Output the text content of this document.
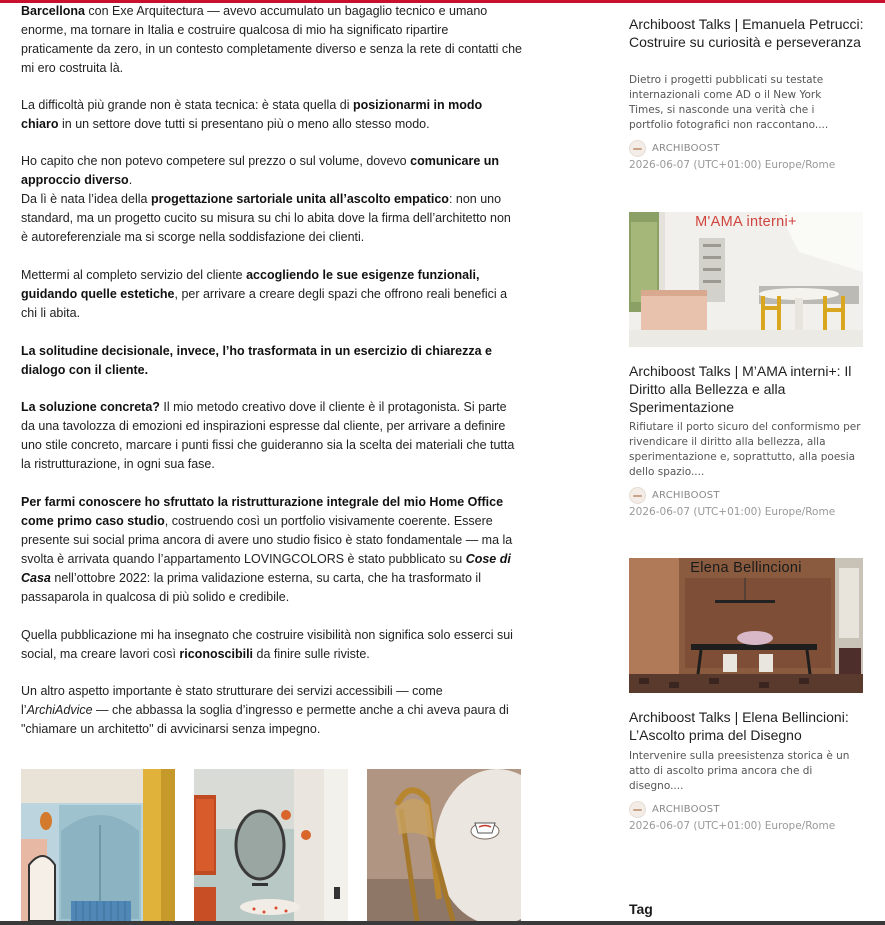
Barcellona con Exe Arquitectura — avevo accumulato un bagaglio tecnico e umano enorme, ma tornare in Italia e costruire qualcosa di mio ha significato ripartire praticamente da zero, in un contesto completamente diverso e senza la rete di contatti che mi ero costruita là.

La difficoltà più grande non è stata tecnica: è stata quella di posizionarmi in modo chiaro in un settore dove tutti si presentano più o meno allo stesso modo.

Ho capito che non potevo competere sul prezzo o sul volume, dovevo comunicare un approccio diverso.
Da lì è nata l’idea della progettazione sartoriale unita all’ascolto empatico: non uno standard, ma un progetto cucito su misura su chi lo abita dove la firma dell’architetto non è autoreferenziale ma si scorge nella soddisfazione dei clienti.

Mettermi al completo servizio del cliente accogliendo le sue esigenze funzionali, guidando quelle estetiche, per arrivare a creare degli spazi che offrono reali benefici a chi li abita.

La solitudine decisionale, invece, l’ho trasformata in un esercizio di chiarezza e dialogo con il cliente.

La soluzione concreta? Il mio metodo creativo dove il cliente è il protagonista. Si parte da una tavolozza di emozioni ed inspirazioni espresse dal cliente, per arrivare a definire uno stile concreto, marcare i punti fissi che guideranno sia la scelta dei materiali che tutta la ristrutturazione, in ogni sua fase.

Per farmi conoscere ho sfruttato la ristrutturazione integrale del mio Home Office come primo caso studio, costruendo così un portfolio visivamente coerente. Essere presente sui social prima ancora di avere uno studio fisico è stato fondamentale — ma la svolta è arrivata quando l’appartamento LOVINGCOLORS è stato pubblicato su Cose di Casa nell’ottobre 2022: la prima validazione esterna, su carta, che ha trasformato il passaparola in qualcosa di più solido e credibile.

Quella pubblicazione mi ha insegnato che costruire visibilità non significa solo esserci sui social, ma creare lavori così riconoscibili da finire sulle riviste.

Un altro aspetto importante è stato strutturare dei servizi accessibili — come l’ArchiAdvice — che abbassa la soglia d’ingresso e permette anche a chi aveva paura di "chiamare un architetto" di avvicinarsi senza impegno.

Archiboost Talks | Emanuela Petrucci: Costruire su curiosità e perseveranza

Dietro i progetti pubblicati su testate internazionali come AD o il New York Times, si nasconde una verità che i portfolio fotografici non raccontano....

ARCHIBOOST
2026-06-07 (UTC+01:00) Europe/Rome
M'AMA interni+

Archiboost Talks | M’AMA interni+: Il Diritto alla Bellezza e alla Sperimentazione

Rifiutare il porto sicuro del conformismo per rivendicare il diritto alla bellezza, alla sperimentazione e, soprattutto, alla poesia dello spazio....

ARCHIBOOST
2026-06-07 (UTC+01:00) Europe/Rome
Elena Bellincioni

Archiboost Talks | Elena Bellincioni: L’Ascolto prima del Disegno

Intervenire sulla preesistenza storica è un atto di ascolto prima ancora che di disegno....

ARCHIBOOST
2026-06-07 (UTC+01:00) Europe/Rome
Tag
